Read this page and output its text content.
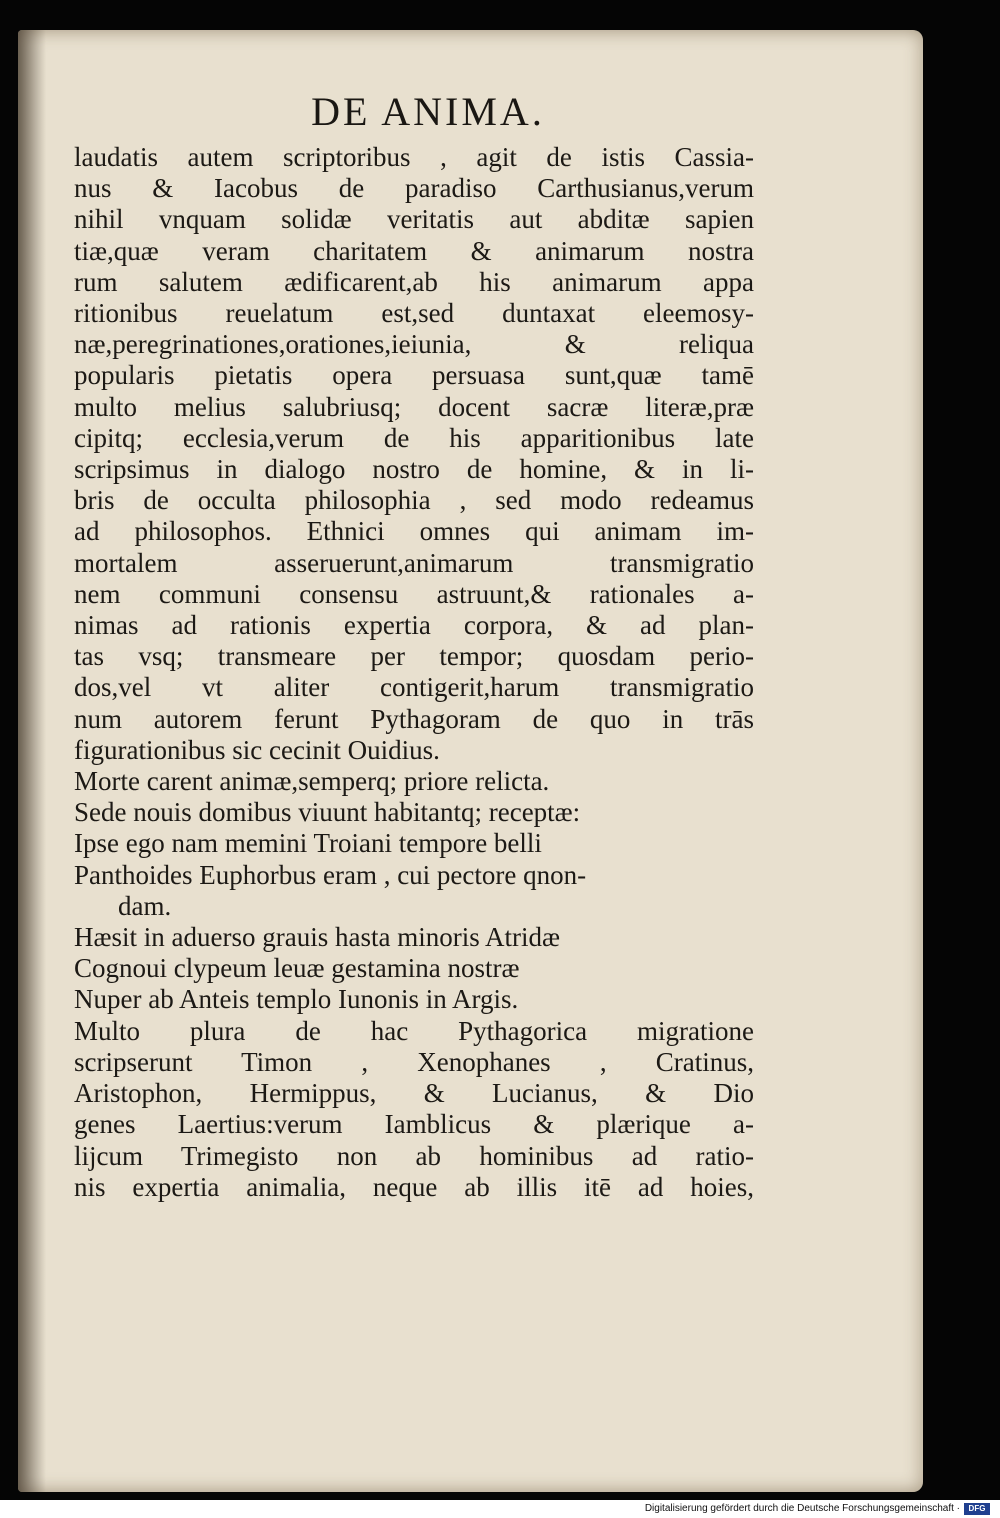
DE ANIMA.
laudatis autem scriptoribus , agit de istis Cassia-
nus & Iacobus de paradiso Carthusianus,verum
nihil vnquam solidæ veritatis aut abditæ sapien
tiæ,quæ veram charitatem & animarum nostra
rum salutem ædificarent,ab his animarum appa
ritionibus reuelatum est,sed duntaxat eleemosy-
næ,peregrinationes,orationes,ieiunia, & reliqua
popularis pietatis opera persuasa sunt,quæ tamē
multo melius salubriusq; docent sacræ literæ,præ
cipitq; ecclesia,verum de his apparitionibus late
scripsimus in dialogo nostro de homine, & in li-
bris de occulta philosophia , sed modo redeamus
ad philosophos. Ethnici omnes qui animam im-
mortalem asseruerunt,animarum transmigratio
nem communi consensu astruunt,& rationales a-
nimas ad rationis expertia corpora, & ad plan-
tas vsq; transmeare per tempor; quosdam perio-
dos,vel vt aliter contigerit,harum transmigratio
num autorem ferunt Pythagoram de quo in trās
figurationibus sic cecinit Ouidius.
Morte carent animæ,semperq; priore relicta.
Sede nouis domibus viuunt habitantq; receptæ:
Ipse ego nam memini Troiani tempore belli
Panthoides Euphorbus eram , cui pectore qnon-
dam.
Hæsit in aduerso grauis hasta minoris Atridæ
Cognoui clypeum leuæ gestamina nostræ
Nuper ab Anteis templo Iunonis in Argis.
Multo plura de hac Pythagorica migratione
scripserunt Timon , Xenophanes , Cratinus,
Aristophon, Hermippus, & Lucianus, & Dio
genes Laertius:verum Iamblicus & plærique a-
lijcum Trimegisto non ab hominibus ad ratio-
nis expertia animalia, neque ab illis itē ad hoies,
Digitalisierung gefördert durch die Deutsche Forschungsgemeinschaft ·	DFG
